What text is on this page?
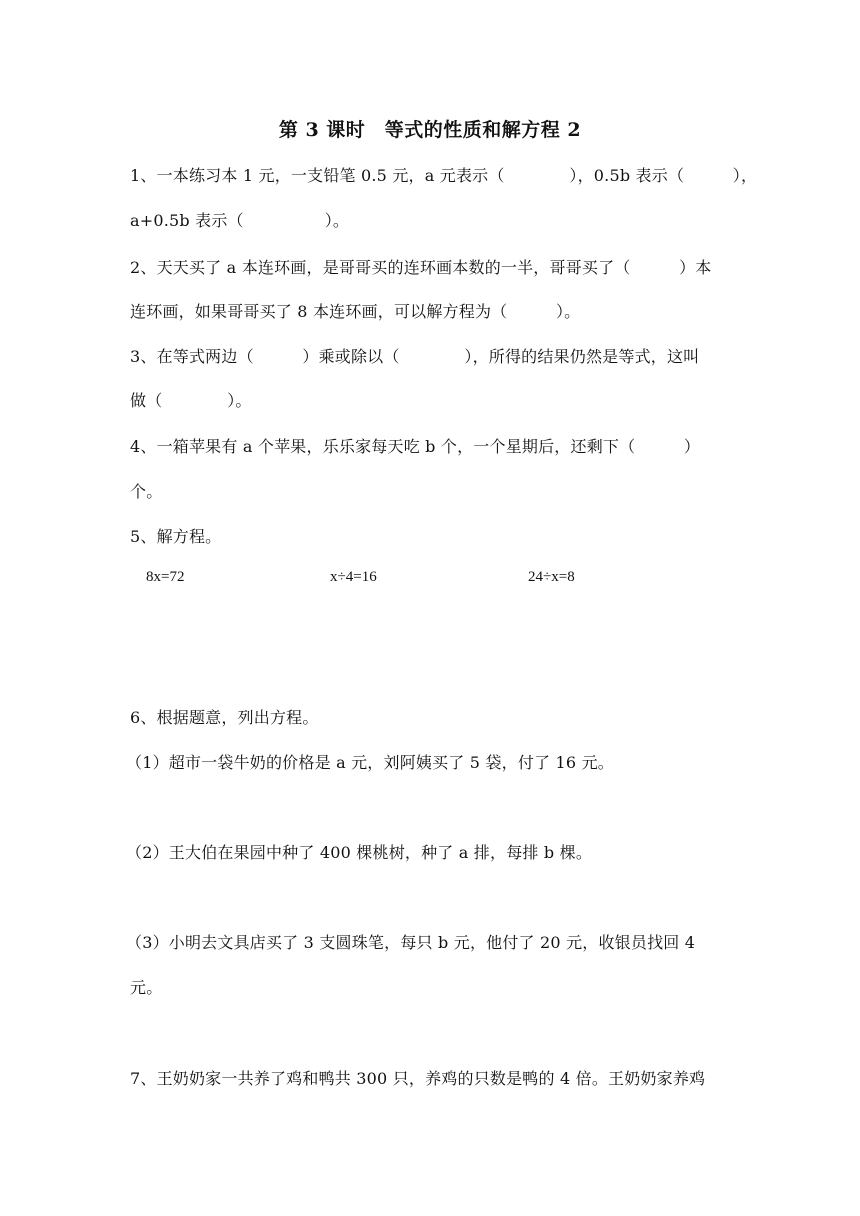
第 3 课时　等式的性质和解方程 2
1、一本练习本 1 元，一支铅笔 0.5 元，a 元表示（　　　　），0.5b 表示（　　　），
a+0.5b 表示（　　　　　）。
2、天天买了 a 本连环画，是哥哥买的连环画本数的一半，哥哥买了（　　　）本
连环画，如果哥哥买了 8 本连环画，可以解方程为（　　　）。
3、在等式两边（　　　）乘或除以（　　　　），所得的结果仍然是等式，这叫
做（　　　　）。
4、一箱苹果有 a 个苹果，乐乐家每天吃 b 个，一个星期后，还剩下（　　　）
个。
5、解方程。
8x=72	x÷4=16	24÷x=8
6、根据题意，列出方程。
（1）超市一袋牛奶的价格是 a 元，刘阿姨买了 5 袋，付了 16 元。
（2）王大伯在果园中种了 400 棵桃树，种了 a 排，每排 b 棵。
（3）小明去文具店买了 3 支圆珠笔，每只 b 元，他付了 20 元，收银员找回 4
元。
7、王奶奶家一共养了鸡和鸭共 300 只，养鸡的只数是鸭的 4 倍。王奶奶家养鸡
